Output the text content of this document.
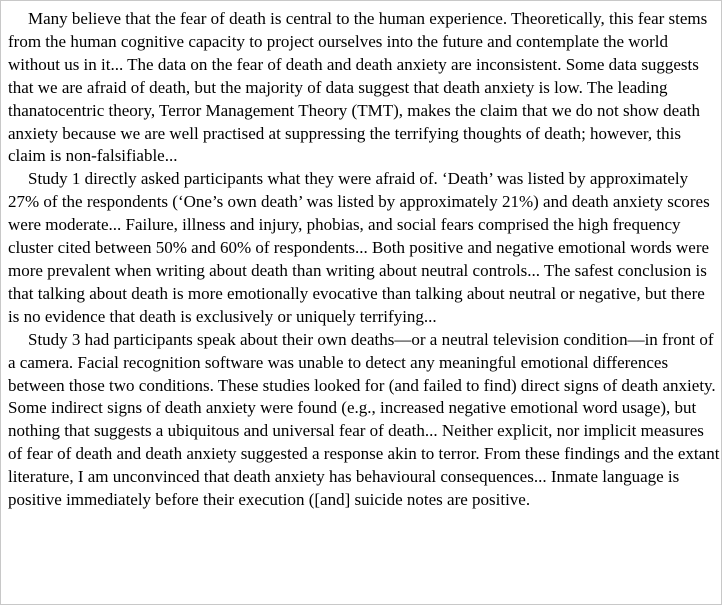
Many believe that the fear of death is central to the human experience. Theoretically, this fear stems from the human cognitive capacity to project ourselves into the future and contemplate the world without us in it... The data on the fear of death and death anxiety are inconsistent. Some data suggests that we are afraid of death, but the majority of data suggest that death anxiety is low. The leading thanatocentric theory, Terror Management Theory (TMT), makes the claim that we do not show death anxiety because we are well practised at suppressing the terrifying thoughts of death; however, this claim is non-falsifiable...

Study 1 directly asked participants what they were afraid of. ‘Death’ was listed by approximately 27% of the respondents (‘One’s own death’ was listed by approximately 21%) and death anxiety scores were moderate... Failure, illness and injury, phobias, and social fears comprised the high frequency cluster cited between 50% and 60% of respondents... Both positive and negative emotional words were more prevalent when writing about death than writing about neutral controls... The safest conclusion is that talking about death is more emotionally evocative than talking about neutral or negative, but there is no evidence that death is exclusively or uniquely terrifying...

Study 3 had participants speak about their own deaths—or a neutral television condition—in front of a camera. Facial recognition software was unable to detect any meaningful emotional differences between those two conditions. These studies looked for (and failed to find) direct signs of death anxiety. Some indirect signs of death anxiety were found (e.g., increased negative emotional word usage), but nothing that suggests a ubiquitous and universal fear of death... Neither explicit, nor implicit measures of fear of death and death anxiety suggested a response akin to terror. From these findings and the extant literature, I am unconvinced that death anxiety has behavioural consequences... Inmate language is positive immediately before their execution ([and] suicide notes are positive.
